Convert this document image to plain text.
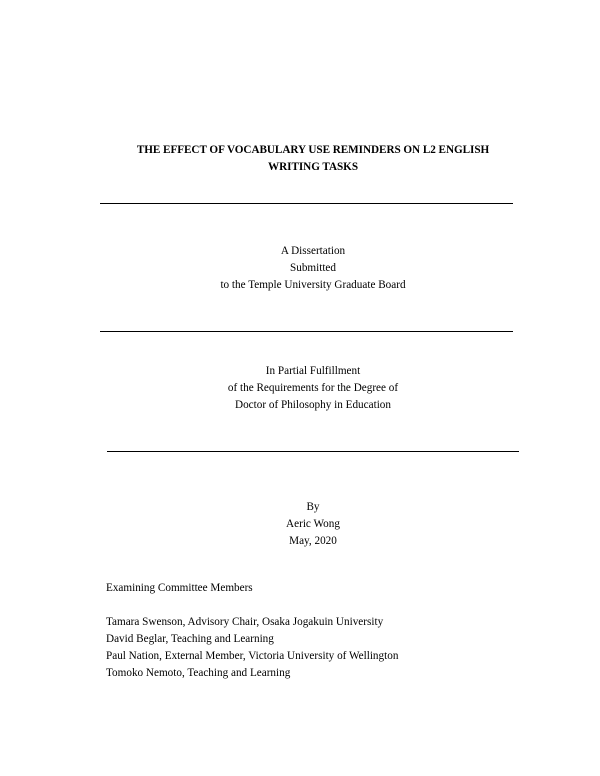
THE EFFECT OF VOCABULARY USE REMINDERS ON L2 ENGLISH
WRITING TASKS
A Dissertation
Submitted
to the Temple University Graduate Board
In Partial Fulfillment
of the Requirements for the Degree of
Doctor of Philosophy in Education
By
Aeric Wong
May, 2020
Examining Committee Members
Tamara Swenson, Advisory Chair, Osaka Jogakuin University
David Beglar, Teaching and Learning
Paul Nation, External Member, Victoria University of Wellington
Tomoko Nemoto, Teaching and Learning
